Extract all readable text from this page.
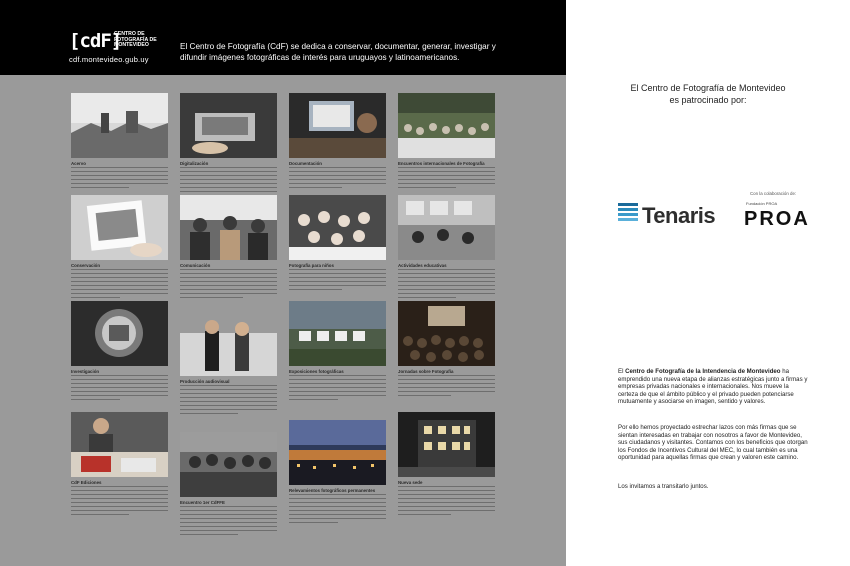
[cdF]
CENTRO DE FOTOGRAFÍA DE MONTEVIDEO
cdf.montevideo.gub.uy
El Centro de Fotografía (CdF) se dedica a conservar, documentar, generar, investigar y difundir imágenes fotográficas de interés para uruguayos y latinoamericanos.
Acervo	Digitalización	Documentación	Encuentros internacionales de Fotografía
Conservación	Comunicación	Fotografía para niños	Actividades educativas
Investigación
Producción audiovisual
Exposiciones fotográficas	Jornadas sobre Fotografía
CdF Ediciones
Encuentro 1er CdFFE
Relevamientos fotográficos permanentes
Nueva sede
El Centro de Fotografía de Montevideo
es patrocinado por:
Con la colaboración de:
Tenaris	Fundación PROA
PROA
El Centro de Fotografía de la Intendencia de Montevideo ha emprendido una nueva etapa de alianzas estratégicas junto a firmas y empresas privadas nacionales e internacionales. Nos mueve la certeza de que el ámbito público y el privado pueden potenciarse mutuamente y asociarse en imagen, sentido y valores.
Por ello hemos proyectado estrechar lazos con más firmas que se sientan interesadas en trabajar con nosotros a favor de Montevideo, sus ciudadanos y visitantes. Contamos con los beneficios que otorgan los Fondos de Incentivos Cultural del MEC, lo cual también es una oportunidad para aquellas firmas que crean y valoren este camino.
Los invitamos a transitarlo juntos.
